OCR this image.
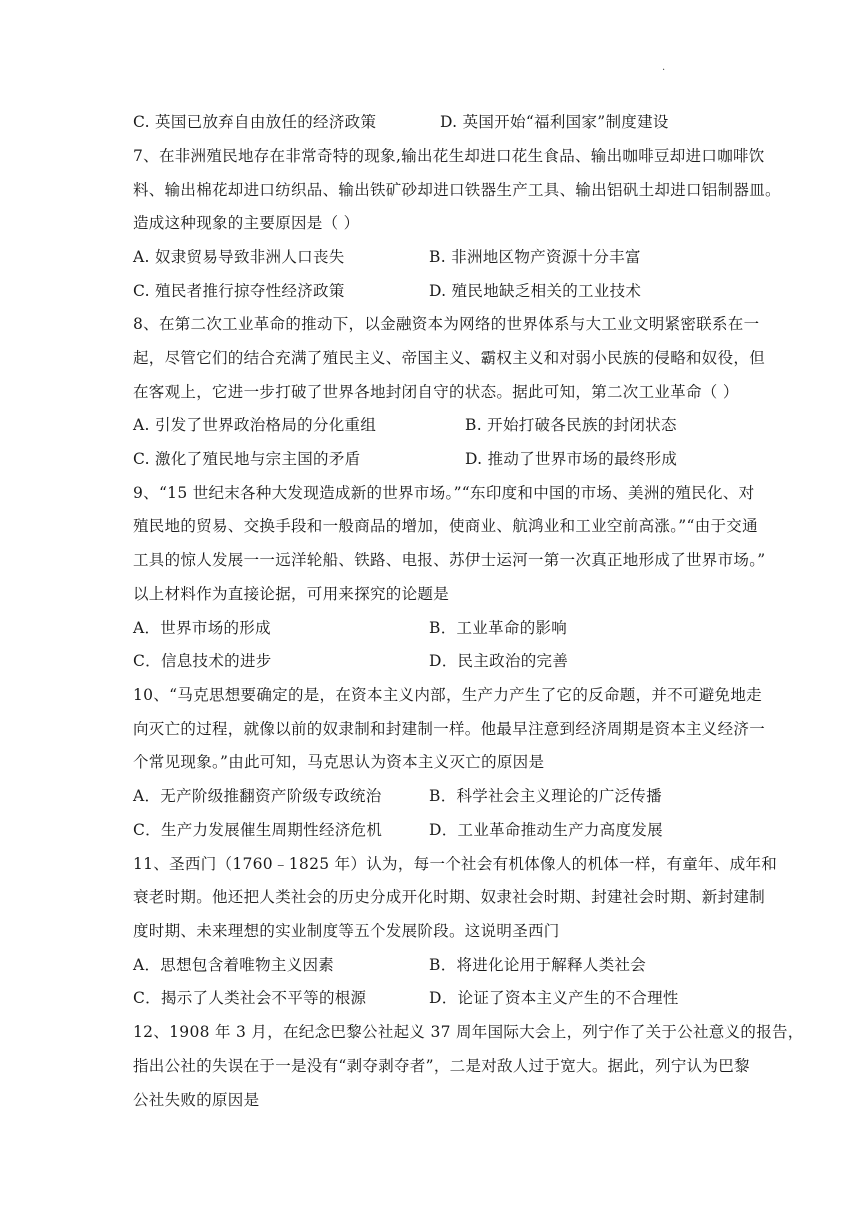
.
C. 英国已放弃自由放任的经济政策	D. 英国开始“福利国家”制度建设
7、在非洲殖民地存在非常奇特的现象,输出花生却进口花生食品、输出咖啡豆却进口咖啡饮
料、输出棉花却进口纺织品、输出铁矿砂却进口铁器生产工具、输出铝矾土却进口铝制器皿。
造成这种现象的主要原因是（ ）
A. 奴隶贸易导致非洲人口丧失	B. 非洲地区物产资源十分丰富
C. 殖民者推行掠夺性经济政策	D. 殖民地缺乏相关的工业技术
8、在第二次工业革命的推动下，以金融资本为网络的世界体系与大工业文明紧密联系在一
起，尽管它们的结合充满了殖民主义、帝国主义、霸权主义和对弱小民族的侵略和奴役，但
在客观上，它进一步打破了世界各地封闭自守的状态。据此可知，第二次工业革命（ ）
A. 引发了世界政治格局的分化重组	B. 开始打破各民族的封闭状态
C. 激化了殖民地与宗主国的矛盾	D. 推动了世界市场的最终形成
9、“15 世纪末各种大发现造成新的世界市场。”“东印度和中国的市场、美洲的殖民化、对
殖民地的贸易、交换手段和一般商品的增加，使商业、航鸿业和工业空前高涨。”“由于交通
工具的惊人发展一一远洋轮船、铁路、电报、苏伊士运河一第一次真正地形成了世界市场。”
以上材料作为直接论据，可用来探究的论题是
A．世界市场的形成	B．工业革命的影响
C．信息技术的进步	D．民主政治的完善
10、“马克思想要确定的是，在资本主义内部，生产力产生了它的反命题，并不可避免地走
向灭亡的过程，就像以前的奴隶制和封建制一样。他最早注意到经济周期是资本主义经济一
个常见现象。”由此可知，马克思认为资本主义灭亡的原因是
A．无产阶级推翻资产阶级专政统治	B．科学社会主义理论的广泛传播
C．生产力发展催生周期性经济危机	D．工业革命推动生产力高度发展
11、圣西门（1760﹣1825 年）认为，每一个社会有机体像人的机体一样，有童年、成年和
衰老时期。他还把人类社会的历史分成开化时期、奴隶社会时期、封建社会时期、新封建制
度时期、未来理想的实业制度等五个发展阶段。这说明圣西门
A．思想包含着唯物主义因素	B．将进化论用于解释人类社会
C．揭示了人类社会不平等的根源	D．论证了资本主义产生的不合理性
12、1908 年 3 月，在纪念巴黎公社起义 37 周年国际大会上，列宁作了关于公社意义的报告，
指出公社的失误在于一是没有“剥夺剥夺者”，二是对敌人过于宽大。据此，列宁认为巴黎
公社失败的原因是
